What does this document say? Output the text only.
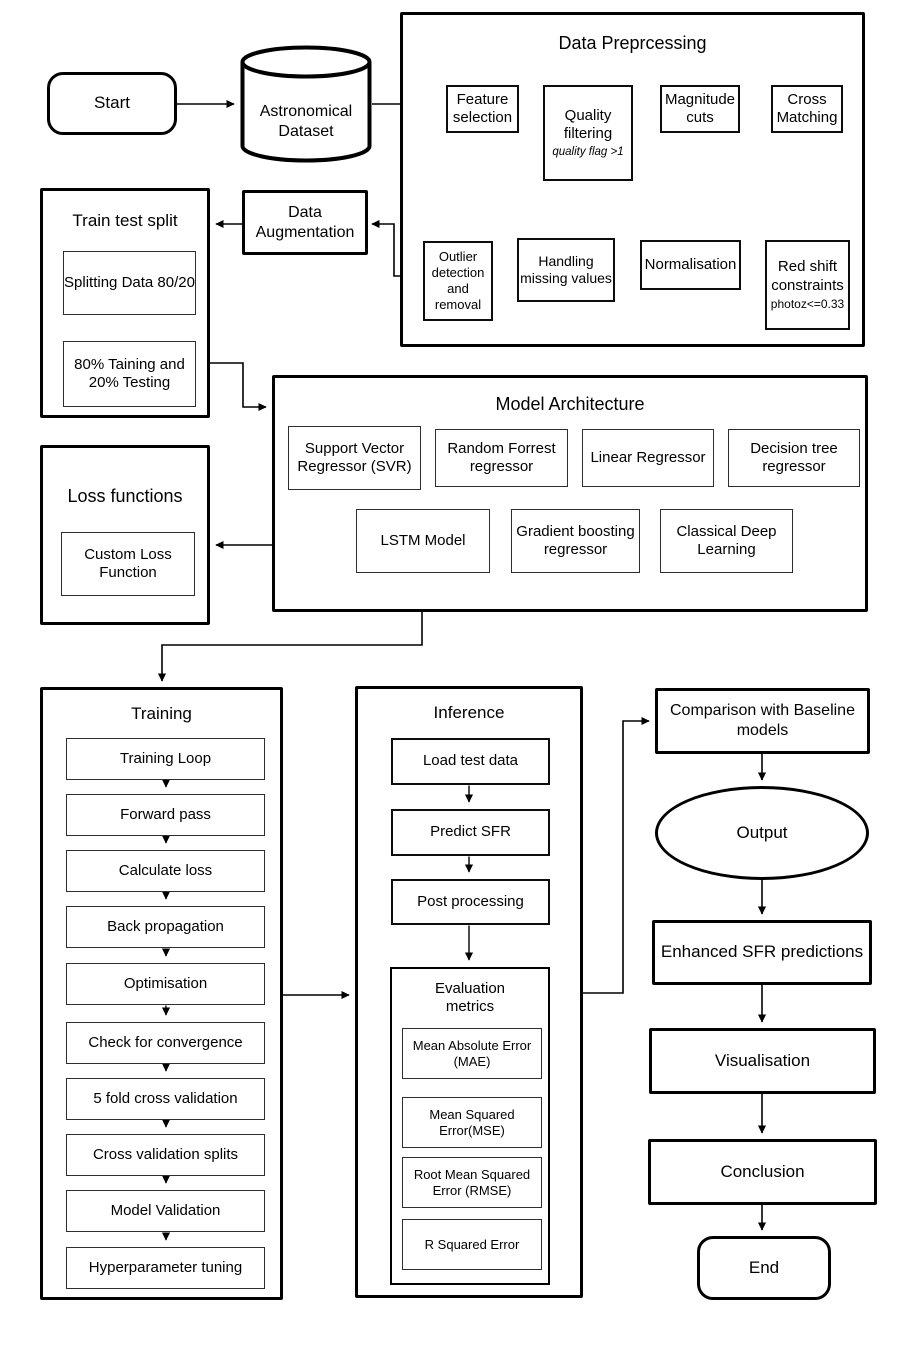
Start	Astronomical Dataset
Data Preprcessing
Feature selection	Quality filtering
quality flag >1
Magnitude cuts
Cross Matching
Red shift constraints
photoz<=0.33
Normalisation
Handling missing values
Outlier detection and removal
Data Augmentation
Train test split
Splitting Data 80/20
80% Taining and 20% Testing
Loss functions
Custom Loss Function
Model Architecture
Support Vector Regressor (SVR)
Random Forrest regressor
Linear Regressor
Decision tree regressor
LSTM Model
Gradient boosting regressor
Classical Deep Learning
Training
Training Loop
Forward pass
Calculate loss
Back propagation
Optimisation
Check for convergence
5 fold cross validation
Cross validation splits
Model Validation
Hyperparameter tuning
Inference
Load test data
Predict SFR
Post processing
Evaluation metrics
Mean Absolute Error (MAE)
Mean Squared Error(MSE)
Root Mean Squared Error (RMSE)
R Squared Error
Comparison with Baseline models
Output
Enhanced SFR predictions
Visualisation
Conclusion
End
